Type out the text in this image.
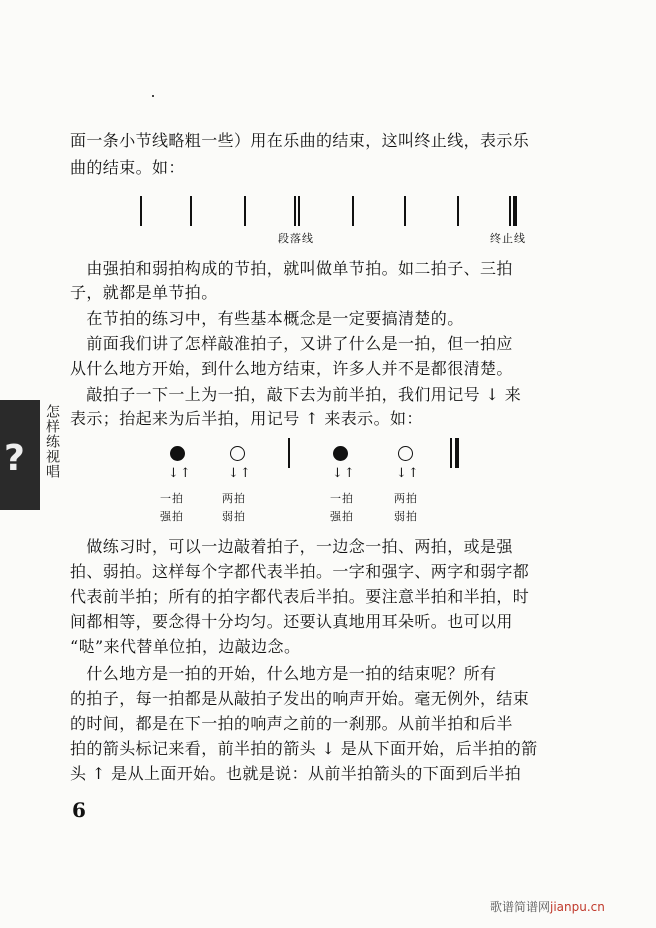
面一条小节线略粗一些）用在乐曲的结束，这叫终止线，表示乐
曲的结束。如：
段落线	终止线
　由强拍和弱拍构成的节拍，就叫做单节拍。如二拍子、三拍
子，就都是单节拍。
　在节拍的练习中，有些基本概念是一定要搞清楚的。
　前面我们讲了怎样敲准拍子，又讲了什么是一拍，但一拍应
从什么地方开始，到什么地方结束，许多人并不是都很清楚。
　敲拍子一下一上为一拍，敲下去为前半拍，我们用记号 ↓ 来
表示；抬起来为后半拍，用记号 ↑ 来表示。如：
? 怎样练视唱	↓↑	↓↑	↓↑	↓↑
一拍	两拍	一拍	两拍
强拍	弱拍	强拍	弱拍
　做练习时，可以一边敲着拍子，一边念一拍、两拍，或是强
拍、弱拍。这样每个字都代表半拍。一字和强字、两字和弱字都
代表前半拍；所有的拍字都代表后半拍。要注意半拍和半拍，时
间都相等，要念得十分均匀。还要认真地用耳朵听。也可以用
“哒”来代替单位拍，边敲边念。
　什么地方是一拍的开始，什么地方是一拍的结束呢？所有
的拍子，每一拍都是从敲拍子发出的响声开始。毫无例外，结束
的时间，都是在下一拍的响声之前的一刹那。从前半拍和后半
拍的箭头标记来看，前半拍的箭头 ↓ 是从下面开始，后半拍的箭
头 ↑ 是从上面开始。也就是说：从前半拍箭头的下面到后半拍
6
歌谱简谱网jianpu.cn
